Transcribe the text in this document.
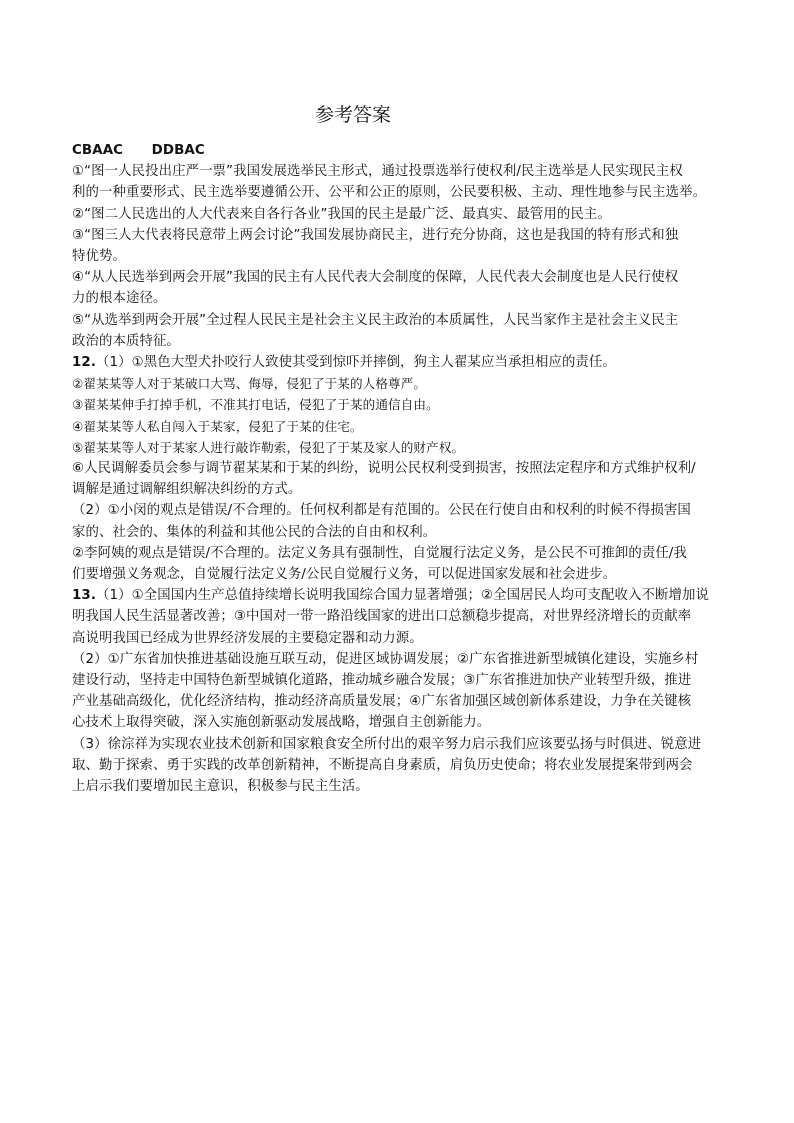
参考答案
CBAAC      DDBAC
①“图一人民投出庄严一票”我国发展选举民主形式，通过投票选举行使权利/民主选举是人民实现民主权
利的一种重要形式、民主选举要遵循公开、公平和公正的原则，公民要积极、主动、理性地参与民主选举。
②“图二人民选出的人大代表来自各行各业”我国的民主是最广泛、最真实、最管用的民主。
③“图三人大代表将民意带上两会讨论”我国发展协商民主，进行充分协商，这也是我国的特有形式和独
特优势。
④“从人民选举到两会开展”我国的民主有人民代表大会制度的保障，人民代表大会制度也是人民行使权
力的根本途径。
⑤“从选举到两会开展”全过程人民民主是社会主义民主政治的本质属性，人民当家作主是社会主义民主
政治的本质特征。
12.（1）①黑色大型犬扑咬行人致使其受到惊吓并摔倒，狗主人翟某应当承担相应的责任。
②翟某某等人对于某破口大骂、侮辱，侵犯了于某的人格尊严。
③翟某某伸手打掉手机，不准其打电话，侵犯了于某的通信自由。
④翟某某等人私自闯入于某家，侵犯了于某的住宅。
⑤翟某某等人对于某家人进行敲诈勒索，侵犯了于某及家人的财产权。
⑥人民调解委员会参与调节翟某某和于某的纠纷，说明公民权利受到损害，按照法定程序和方式维护权利/
调解是通过调解组织解决纠纷的方式。
（2）①小闵的观点是错误/不合理的。任何权利都是有范围的。公民在行使自由和权利的时候不得损害国
家的、社会的、集体的利益和其他公民的合法的自由和权利。
②李阿姨的观点是错误/不合理的。法定义务具有强制性，自觉履行法定义务，是公民不可推卸的责任/我
们要增强义务观念，自觉履行法定义务/公民自觉履行义务，可以促进国家发展和社会进步。
13.（1）①全国国内生产总值持续增长说明我国综合国力显著增强；②全国居民人均可支配收入不断增加说
明我国人民生活显著改善；③中国对一带一路沿线国家的进出口总额稳步提高，对世界经济增长的贡献率
高说明我国已经成为世界经济发展的主要稳定器和动力源。
（2）①广东省加快推进基础设施互联互动，促进区域协调发展；②广东省推进新型城镇化建设，实施乡村
建设行动，坚持走中国特色新型城镇化道路，推动城乡融合发展；③广东省推进加快产业转型升级，推进
产业基础高级化，优化经济结构，推动经济高质量发展；④广东省加强区域创新体系建设，力争在关键核
心技术上取得突破，深入实施创新驱动发展战略，增强自主创新能力。
（3）徐淙祥为实现农业技术创新和国家粮食安全所付出的艰辛努力启示我们应该要弘扬与时俱进、锐意进
取、勤于探索、勇于实践的改革创新精神，不断提高自身素质，肩负历史使命；将农业发展提案带到两会
上启示我们要增加民主意识，积极参与民主生活。
